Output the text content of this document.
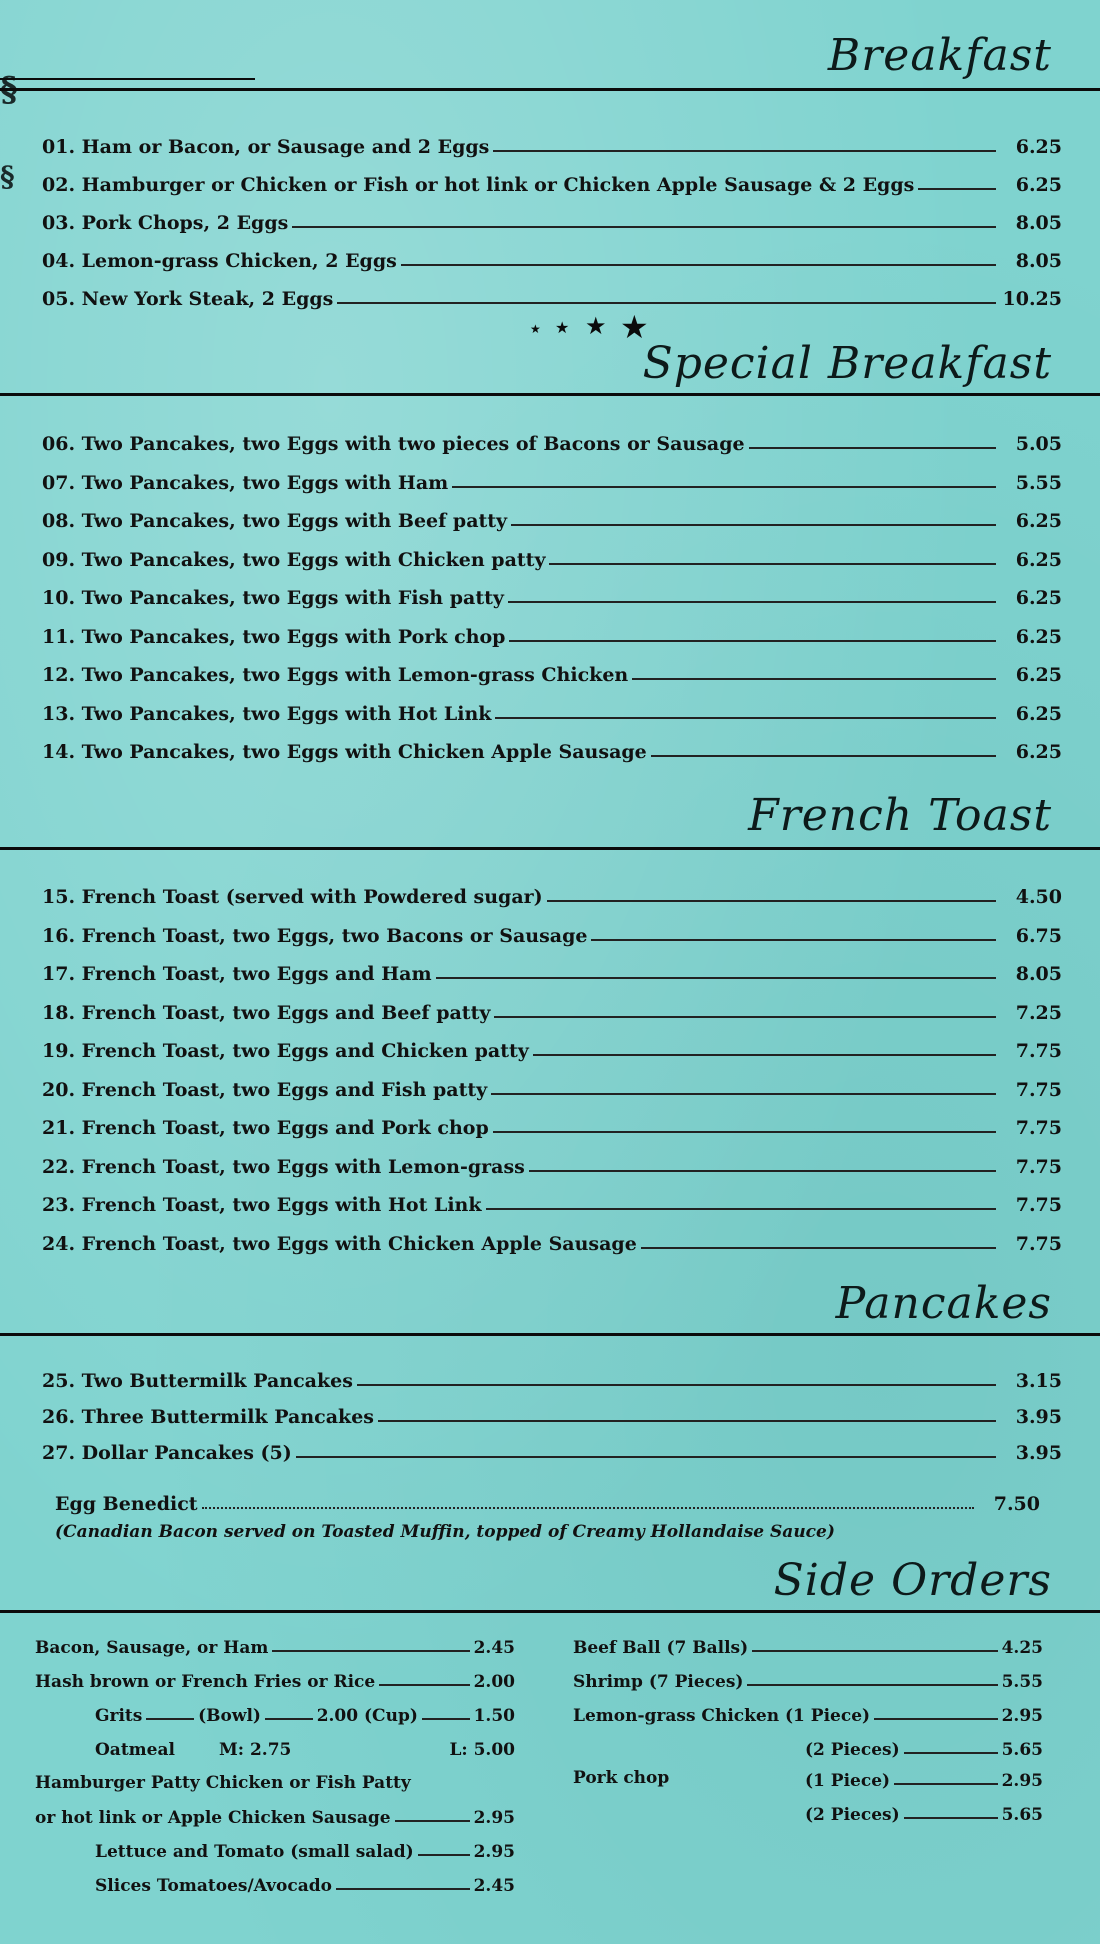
§
Breakfast
01. Ham or Bacon, or Sausage and 2 Eggs	6.25
02. Hamburger or Chicken or Fish or hot link or Chicken Apple Sausage & 2 Eggs	6.25
03. Pork Chops, 2 Eggs	8.05
04. Lemon-grass Chicken, 2 Eggs	8.05
05. New York Steak, 2 Eggs	10.25
★ ★ ★ ★
Special Breakfast
06. Two Pancakes, two Eggs with two pieces of Bacons or Sausage	5.05
07. Two Pancakes, two Eggs with Ham	5.55
08. Two Pancakes, two Eggs with Beef patty	6.25
09. Two Pancakes, two Eggs with Chicken patty	6.25
10. Two Pancakes, two Eggs with Fish patty	6.25
11. Two Pancakes, two Eggs with Pork chop	6.25
12. Two Pancakes, two Eggs with Lemon-grass Chicken	6.25
13. Two Pancakes, two Eggs with Hot Link	6.25
14. Two Pancakes, two Eggs with Chicken Apple Sausage	6.25
French Toast
15. French Toast (served with Powdered sugar)	4.50
16. French Toast, two Eggs, two Bacons or Sausage	6.75
17. French Toast, two Eggs and Ham	8.05
18. French Toast, two Eggs and Beef patty	7.25
19. French Toast, two Eggs and Chicken patty	7.75
20. French Toast, two Eggs and Fish patty	7.75
21. French Toast, two Eggs and Pork chop	7.75
22. French Toast, two Eggs with Lemon-grass	7.75
23. French Toast, two Eggs with Hot Link	7.75
24. French Toast, two Eggs with Chicken Apple Sausage	7.75
Pancakes
25. Two Buttermilk Pancakes	3.15
26. Three Buttermilk Pancakes	3.95
27. Dollar Pancakes (5)	3.95
Egg Benedict	7.50
(Canadian Bacon served on Toasted Muffin, topped of Creamy Hollandaise Sauce)
Side Orders
Bacon, Sausage, or Ham	2.45
Hash brown or French Fries or Rice	2.00
Grits	(Bowl)	2.00 (Cup)	1.50
Oatmeal	M: 2.75	L: 5.00
Hamburger Patty Chicken or Fish Patty
or hot link or Apple Chicken Sausage	2.95
Lettuce and Tomato (small salad)	2.95
Slices Tomatoes/Avocado	2.45
Beef Ball (7 Balls)	4.25
Shrimp (7 Pieces)	5.55
Lemon-grass Chicken (1 Piece)	2.95
(2 Pieces)	5.65
Pork chop	(1 Piece)	2.95
(2 Pieces)	5.65
